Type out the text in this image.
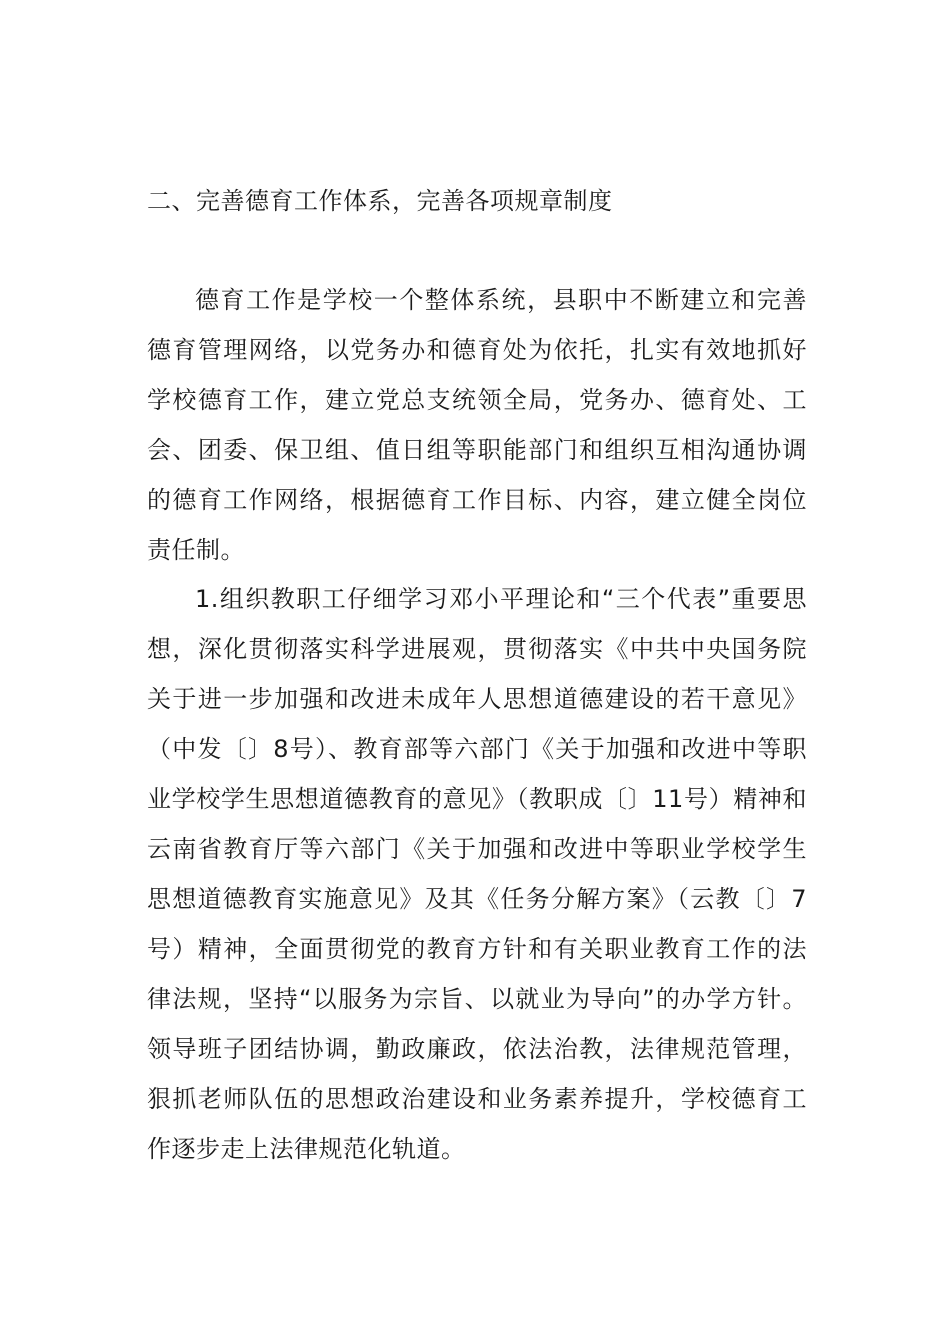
二、完善德育工作体系，完善各项规章制度
德育工作是学校一个整体系统，县职中不断建立和完善德育管理网络，以党务办和德育处为依托，扎实有效地抓好学校德育工作，建立党总支统领全局，党务办、德育处、工会、团委、保卫组、值日组等职能部门和组织互相沟通协调的德育工作网络，根据德育工作目标、内容，建立健全岗位责任制。
1.组织教职工仔细学习邓小平理论和“三个代表”重要思想，深化贯彻落实科学进展观，贯彻落实《中共中央国务院关于进一步加强和改进未成年人思想道德建设的若干意见》（中发〔〕8号）、教育部等六部门《关于加强和改进中等职业学校学生思想道德教育的意见》（教职成〔〕11号）精神和云南省教育厅等六部门《关于加强和改进中等职业学校学生思想道德教育实施意见》及其《任务分解方案》（云教〔〕7号）精神，全面贯彻党的教育方针和有关职业教育工作的法律法规，坚持“以服务为宗旨、以就业为导向”的办学方针。领导班子团结协调，勤政廉政，依法治教，法律规范管理，狠抓老师队伍的思想政治建设和业务素养提升，学校德育工作逐步走上法律规范化轨道。
